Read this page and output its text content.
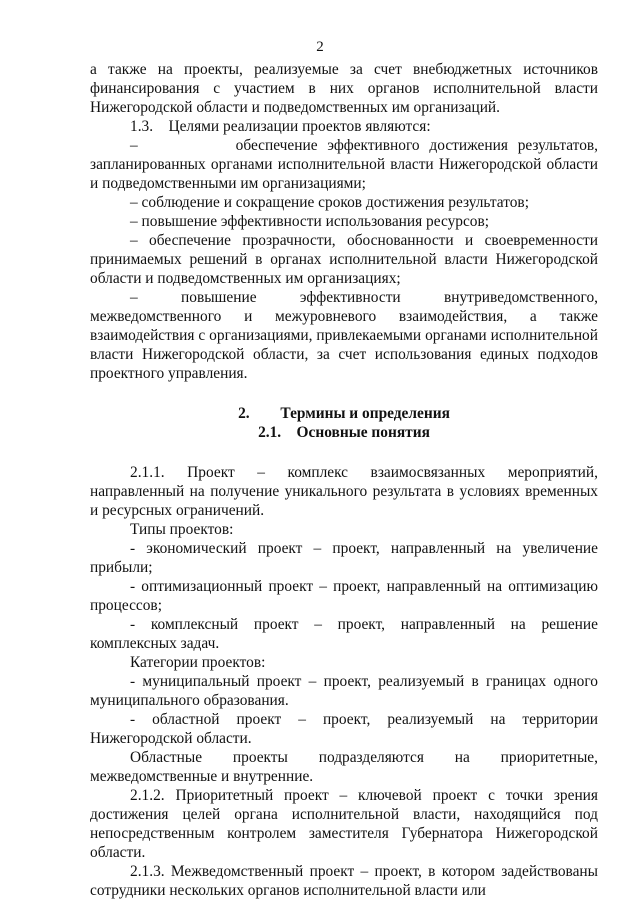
2

а также на проекты, реализуемые за счет внебюджетных источников финансирования с участием в них органов исполнительной власти Нижегородской области и подведомственных им организаций.

1.3.    Целями реализации проектов являются:

–          обеспечение эффективного достижения результатов, запланированных органами исполнительной власти Нижегородской области и подведомственными им организациями;

– соблюдение и сокращение сроков достижения результатов;

– повышение эффективности использования ресурсов;

– обеспечение прозрачности, обоснованности и своевременности принимаемых решений в органах исполнительной власти Нижегородской области и подведомственных им организациях;

– повышение эффективности внутриведомственного, межведомственного и межуровневого взаимодействия, а также взаимодействия с организациями, привлекаемыми органами исполнительной власти Нижегородской области, за счет использования единых подходов проектного управления.

2.        Термины и определения

2.1.    Основные понятия

2.1.1. Проект – комплекс взаимосвязанных мероприятий, направленный на получение уникального результата в условиях временных и ресурсных ограничений.

Типы проектов:

- экономический проект – проект, направленный на увеличение прибыли;

- оптимизационный проект – проект, направленный на оптимизацию процессов;

- комплексный проект – проект, направленный на решение комплексных задач.

Категории проектов:

- муниципальный проект – проект, реализуемый в границах одного муниципального образования.

- областной проект – проект, реализуемый на территории Нижегородской области.

Областные проекты подразделяются на приоритетные, межведомственные и внутренние.

2.1.2. Приоритетный проект – ключевой проект с точки зрения достижения целей органа исполнительной власти, находящийся под непосредственным контролем заместителя Губернатора Нижегородской области.

2.1.3. Межведомственный проект – проект, в котором задействованы сотрудники нескольких органов исполнительной власти или
